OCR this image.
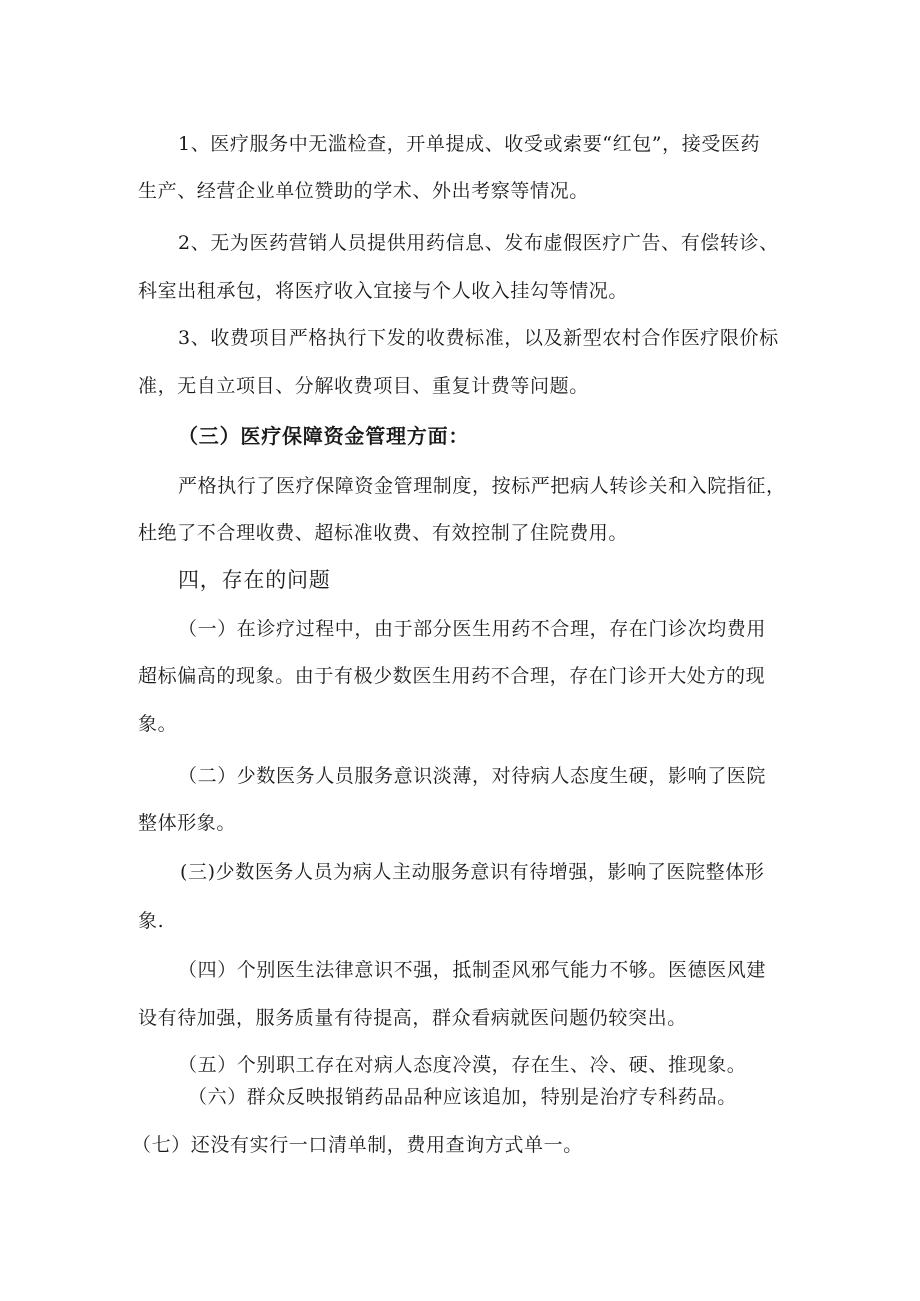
1、医疗服务中无滥检查，开单提成、收受或索要“红包”，接受医药
生产、经营企业单位赞助的学术、外出考察等情况。
2、无为医药营销人员提供用药信息、发布虚假医疗广告、有偿转诊、
科室出租承包，将医疗收入宜接与个人收入挂勾等情况。
3、收费项目严格执行下发的收费标准，以及新型农村合作医疗限价标
准，无自立项目、分解收费项目、重复计费等问题。
（三）医疗保障资金管理方面：
严格执行了医疗保障资金管理制度，按标严把病人转诊关和入院指征，
杜绝了不合理收费、超标准收费、有效控制了住院费用。
四，存在的问题
（一）在诊疗过程中，由于部分医生用药不合理，存在门诊次均费用
超标偏高的现象。由于有极少数医生用药不合理，存在门诊开大处方的现
象。
（二）少数医务人员服务意识淡薄，对待病人态度生硬，影响了医院
整体形象。
(三)少数医务人员为病人主动服务意识有待增强，影响了医院整体形
象.
（四）个别医生法律意识不强，抵制歪风邪气能力不够。医德医风建
设有待加强，服务质量有待提高，群众看病就医问题仍较突出。
（五）个别职工存在对病人态度冷漠，存在生、冷、硬、推现象。
（六）群众反映报销药品品种应该追加，特别是治疗专科药品。
（七）还没有实行一口清单制，费用查询方式单一。
